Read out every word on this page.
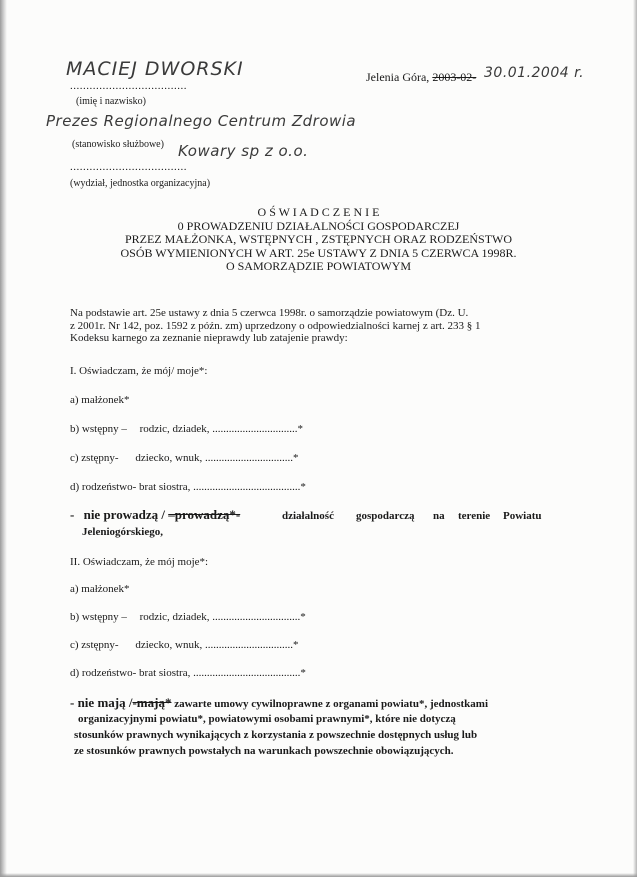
MACIEJ DWORSKI
....................................
(imię i nazwisko)
Jelenia Góra, 2003-02- 30.01.2004 r.
Prezes Regionalnego Centrum Zdrowia
(stanowisko służbowe) Kowary sp z o.o.
....................................
(wydział, jednostka organizacyjna)
O Ś W I A D C Z E N I E
0 PROWADZENIU DZIAŁALNOŚCI GOSPODARCZEJ
PRZEZ MAŁŻONKA, WSTĘPNYCH , ZSTĘPNYCH ORAZ RODZEŃSTWO
OSÓB WYMIENIONYCH W ART. 25e USTAWY Z DNIA 5 CZERWCA 1998R.
O SAMORZĄDZIE POWIATOWYM
Na podstawie art. 25e ustawy z dnia 5 czerwca 1998r. o samorządzie powiatowym (Dz. U.
z 2001r. Nr 142, poz. 1592 z późn. zm) uprzedzony o odpowiedzialności karnej z art. 233 § 1
Kodeksu karnego za zeznanie nieprawdy lub zatajenie prawdy:
I. Oświadczam, że mój/ moje*:
a) małżonek*
b) wstępny – rodzic, dziadek, ...............................*
c) zstępny- dziecko, wnuk, ................................*
d) rodzeństwo- brat siostra, .......................................*
- nie prowadzą / –prowadzą*-	działalność gospodarczą na terenie Powiatu
Jeleniogórskiego,
II. Oświadczam, że mój moje*:
a) małżonek*
b) wstępny – rodzic, dziadek, ................................*
c) zstępny- dziecko, wnuk, ................................*
d) rodzeństwo- brat siostra, .......................................*
- nie mają /-mają* zawarte umowy cywilnoprawne z organami powiatu*, jednostkami
organizacyjnymi powiatu*, powiatowymi osobami prawnymi*, które nie dotyczą
stosunków prawnych wynikających z korzystania z powszechnie dostępnych usług lub
ze stosunków prawnych powstałych na warunkach powszechnie obowiązujących.
